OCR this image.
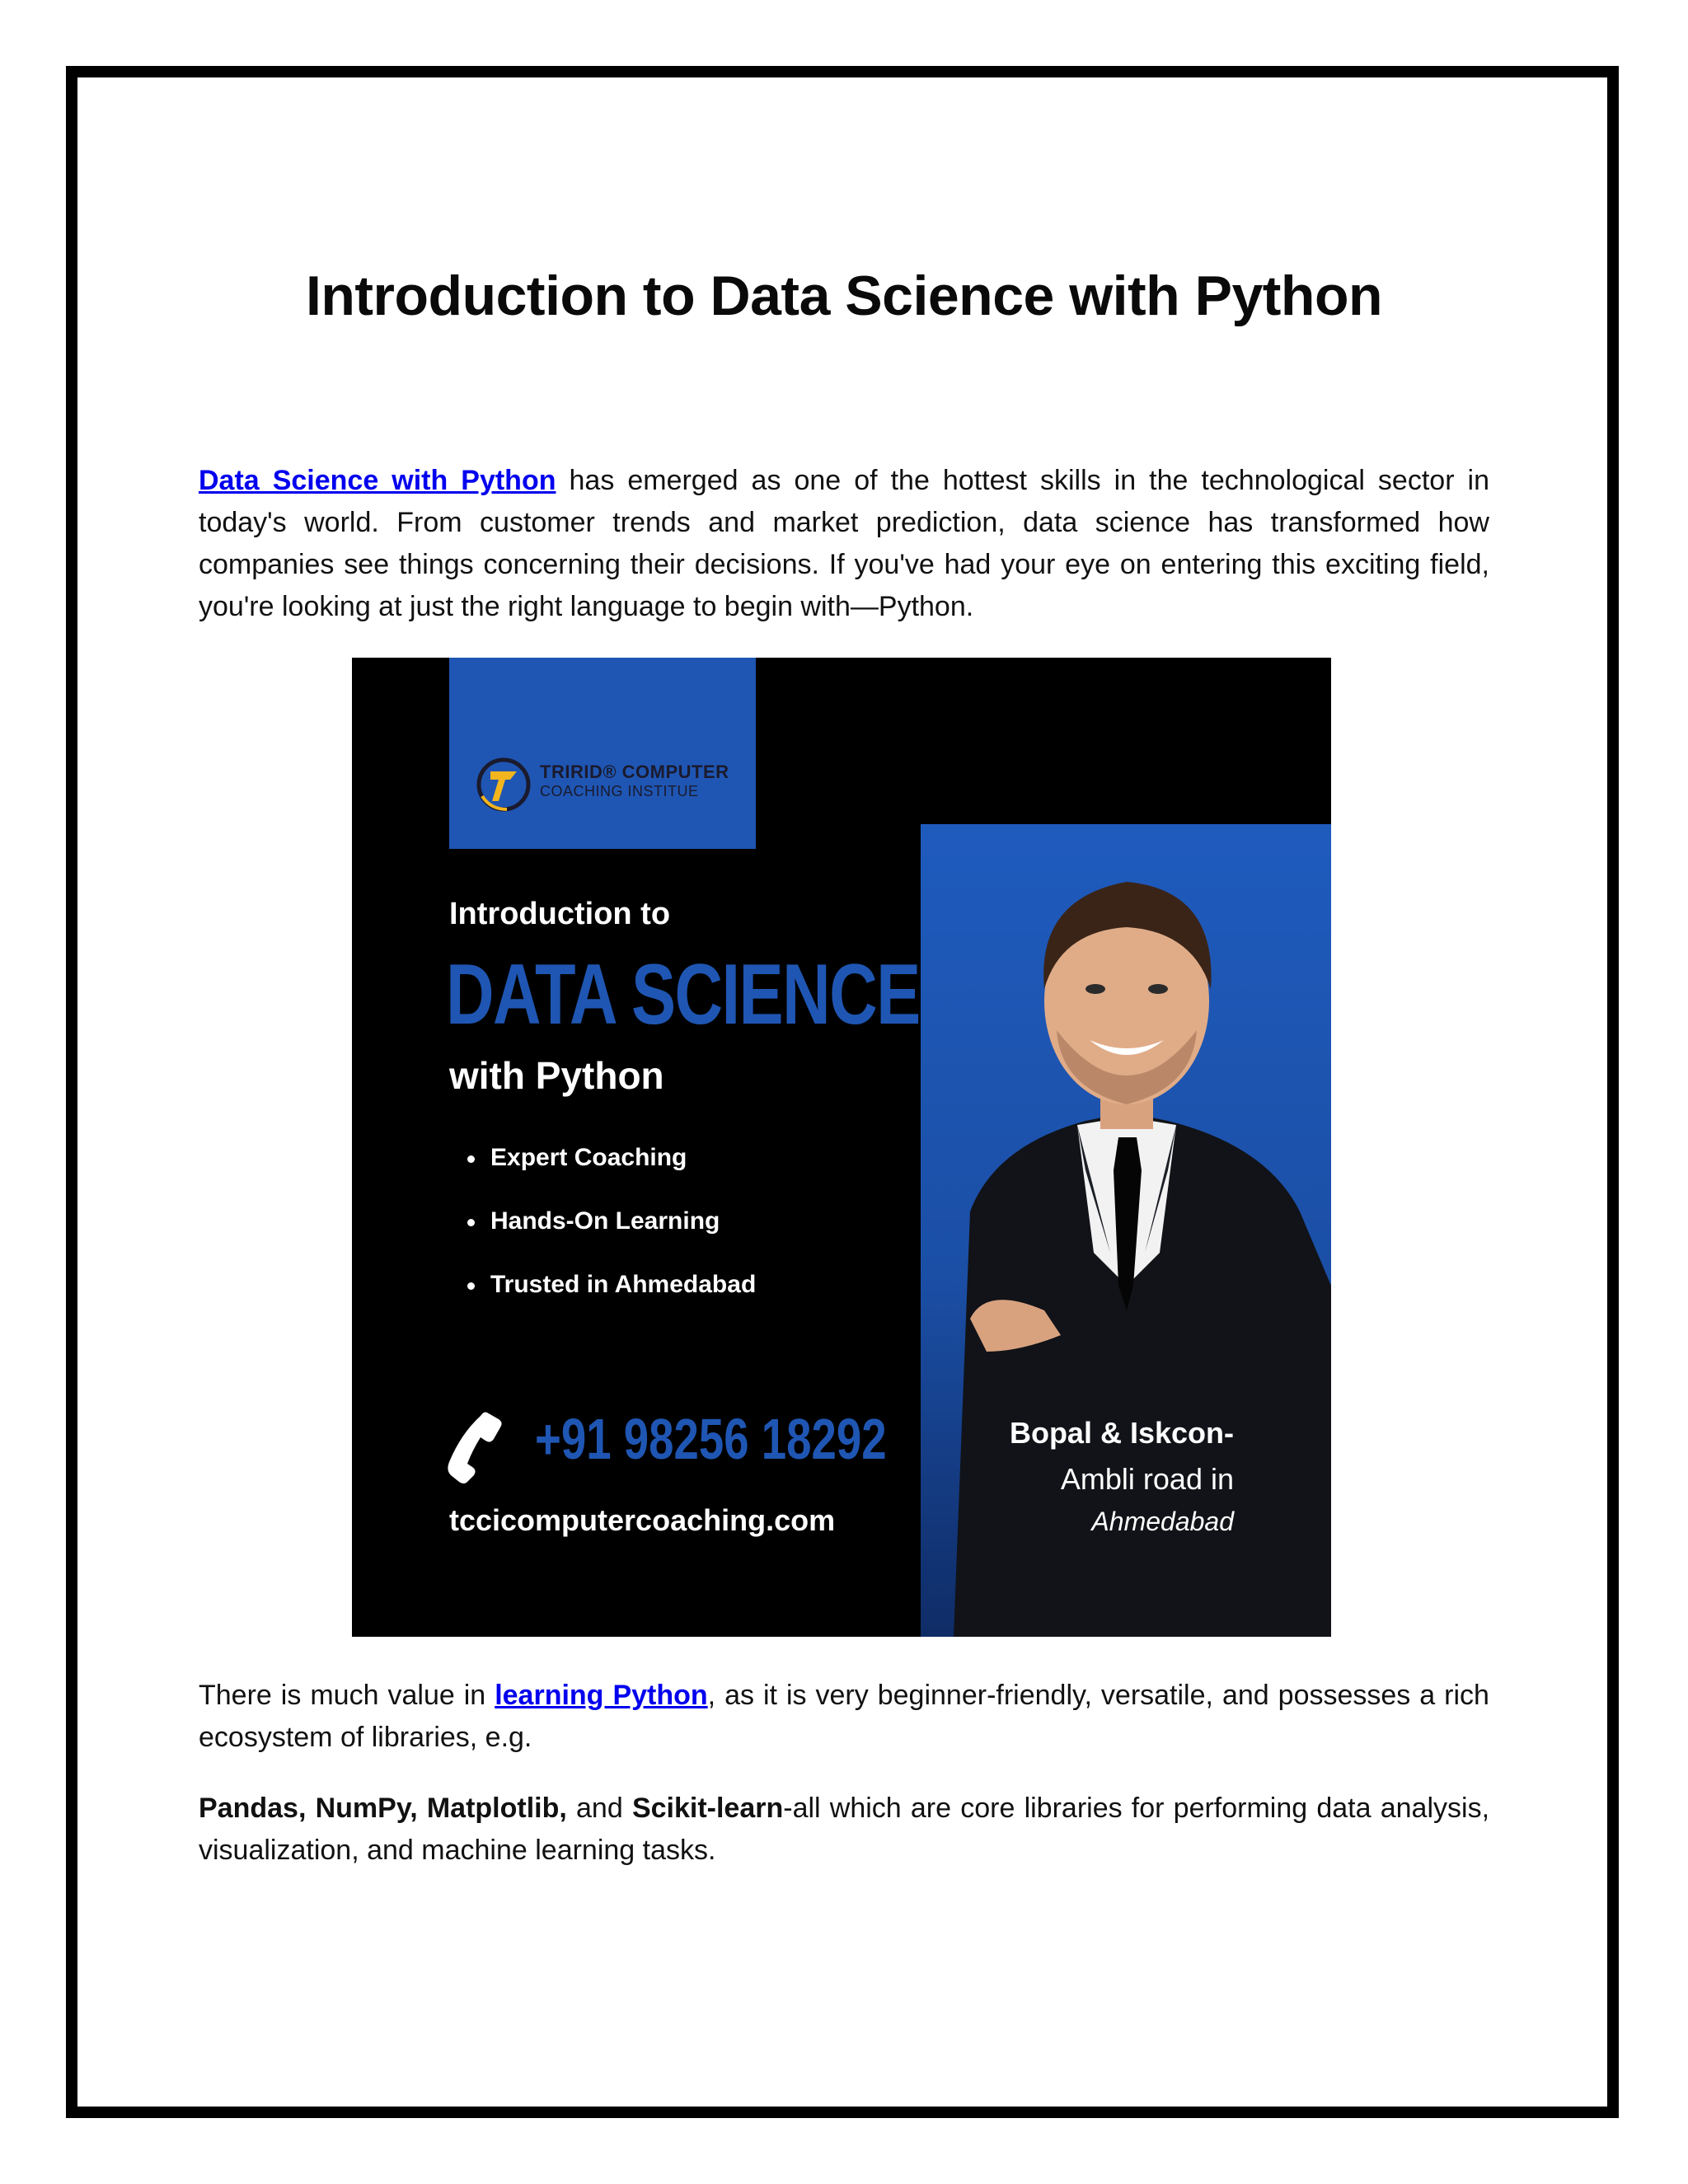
Introduction to Data Science with Python

Data Science with Python has emerged as one of the hottest skills in the technological sector in today's world. From customer trends and market prediction, data science has transformed how companies see things concerning their decisions. If you've had your eye on entering this exciting field, you're looking at just the right language to begin with—Python.

TRIRID® COMPUTER
COACHING INSTITUE
Introduction to
DATA SCIENCE
with Python
Expert Coaching
Hands-On Learning
Trusted in Ahmedabad
+91 98256 18292
tccicomputercoaching.com
Bopal & Iskcon-
Ambli road in
Ahmedabad

There is much value in learning Python, as it is very beginner-friendly, versatile, and possesses a rich ecosystem of libraries, e.g.

Pandas, NumPy, Matplotlib, and Scikit-learn-all which are core libraries for performing data analysis, visualization, and machine learning tasks.
